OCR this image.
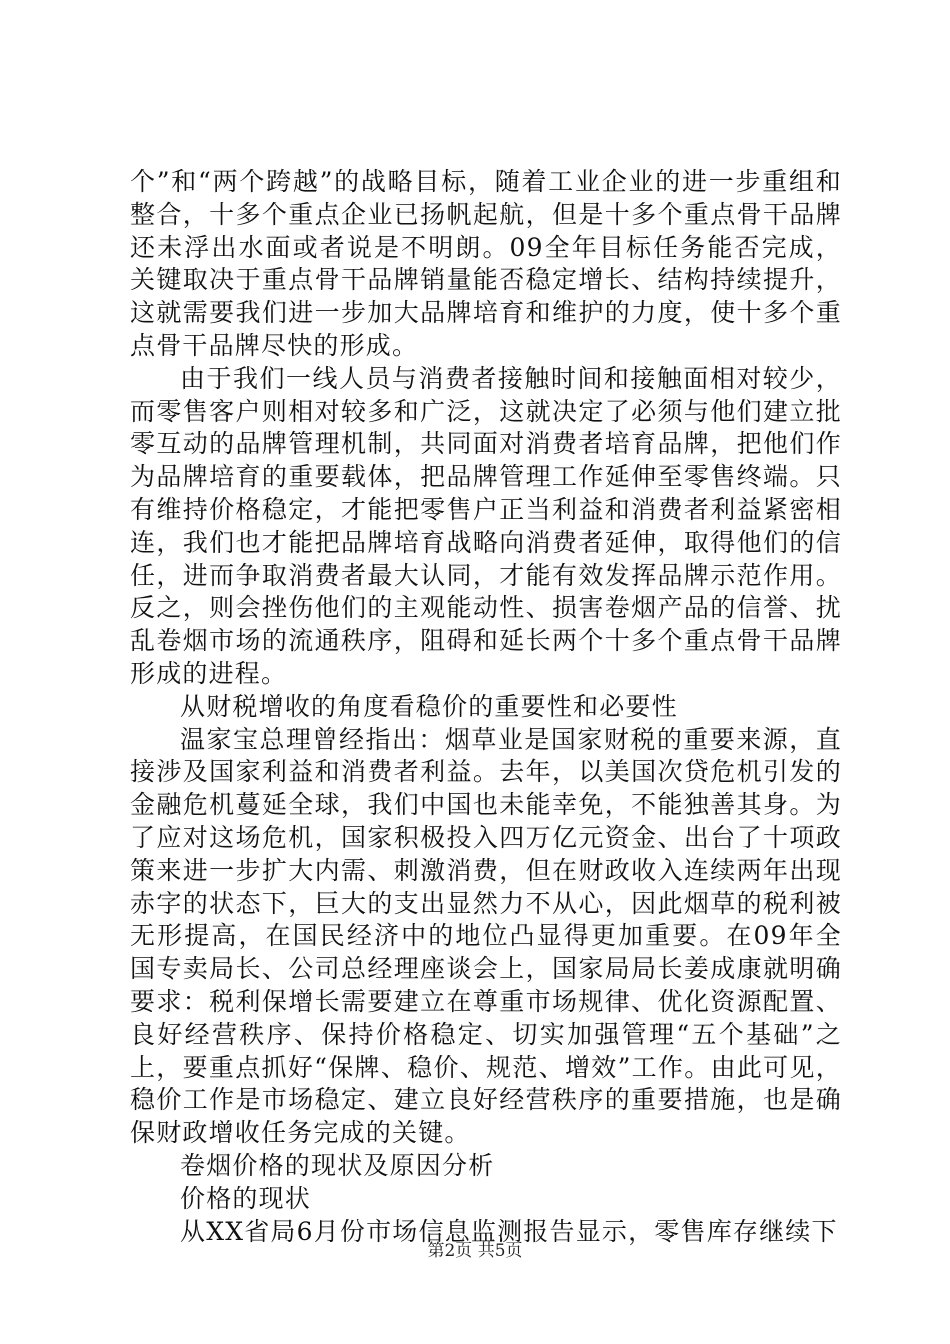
个”和“两个跨越”的战略目标，随着工业企业的进一步重组和整合，十多个重点企业已扬帆起航，但是十多个重点骨干品牌还未浮出水面或者说是不明朗。09全年目标任务能否完成，关键取决于重点骨干品牌销量能否稳定增长、结构持续提升，这就需要我们进一步加大品牌培育和维护的力度，使十多个重点骨干品牌尽快的形成。

由于我们一线人员与消费者接触时间和接触面相对较少，而零售客户则相对较多和广泛，这就决定了必须与他们建立批零互动的品牌管理机制，共同面对消费者培育品牌，把他们作为品牌培育的重要载体，把品牌管理工作延伸至零售终端。只有维持价格稳定，才能把零售户正当利益和消费者利益紧密相连，我们也才能把品牌培育战略向消费者延伸，取得他们的信任，进而争取消费者最大认同，才能有效发挥品牌示范作用。反之，则会挫伤他们的主观能动性、损害卷烟产品的信誉、扰乱卷烟市场的流通秩序，阻碍和延长两个十多个重点骨干品牌形成的进程。

从财税增收的角度看稳价的重要性和必要性

温家宝总理曾经指出：烟草业是国家财税的重要来源，直接涉及国家利益和消费者利益。去年，以美国次贷危机引发的金融危机蔓延全球，我们中国也未能幸免，不能独善其身。为了应对这场危机，国家积极投入四万亿元资金、出台了十项政策来进一步扩大内需、刺激消费，但在财政收入连续两年出现赤字的状态下，巨大的支出显然力不从心，因此烟草的税利被无形提高，在国民经济中的地位凸显得更加重要。在09年全国专卖局长、公司总经理座谈会上，国家局局长姜成康就明确要求：税利保增长需要建立在尊重市场规律、优化资源配置、良好经营秩序、保持价格稳定、切实加强管理“五个基础”之上，要重点抓好“保牌、稳价、规范、增效”工作。由此可见，稳价工作是市场稳定、建立良好经营秩序的重要措施，也是确保财政增收任务完成的关键。

卷烟价格的现状及原因分析

价格的现状

从XX省局6月份市场信息监测报告显示，零售库存继续下

第2页 共5页
